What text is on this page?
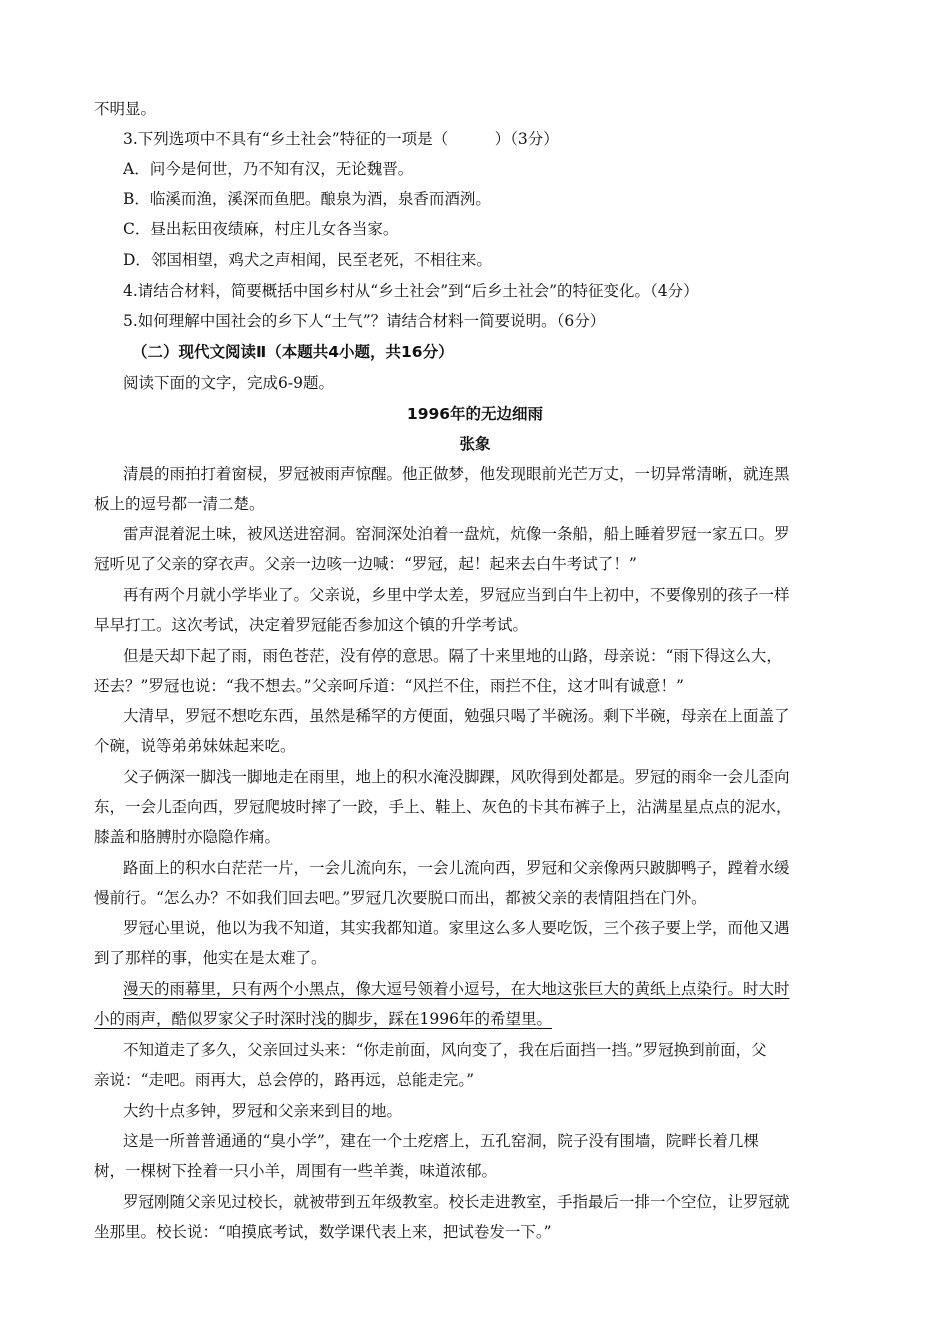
不明显。
3.下列选项中不具有“乡土社会”特征的一项是（　　　）（3分）
A．问今是何世，乃不知有汉，无论魏晋。
B．临溪而渔，溪深而鱼肥。酿泉为酒，泉香而酒洌。
C．昼出耘田夜绩麻，村庄儿女各当家。
D．邻国相望，鸡犬之声相闻，民至老死，不相往来。
4.请结合材料，简要概括中国乡村从“乡土社会”到“后乡土社会”的特征变化。（4分）
5.如何理解中国社会的乡下人“土气”？请结合材料一简要说明。（6分）
（二）现代文阅读Ⅱ（本题共4小题，共16分）
阅读下面的文字，完成6-9题。
1996年的无边细雨
张象
清晨的雨拍打着窗棂，罗冠被雨声惊醒。他正做梦，他发现眼前光芒万丈，一切异常清晰，就连黑
板上的逗号都一清二楚。
雷声混着泥土味，被风送进窑洞。窑洞深处泊着一盘炕，炕像一条船，船上睡着罗冠一家五口。罗
冠听见了父亲的穿衣声。父亲一边咳一边喊：“罗冠，起！起来去白牛考试了！”
再有两个月就小学毕业了。父亲说，乡里中学太差，罗冠应当到白牛上初中，不要像别的孩子一样
早早打工。这次考试，决定着罗冠能否参加这个镇的升学考试。
但是天却下起了雨，雨色苍茫，没有停的意思。隔了十来里地的山路，母亲说：“雨下得这么大，
还去？”罗冠也说：“我不想去。”父亲呵斥道：“风拦不住，雨拦不住，这才叫有诚意！”
大清早，罗冠不想吃东西，虽然是稀罕的方便面，勉强只喝了半碗汤。剩下半碗，母亲在上面盖了
个碗，说等弟弟妹妹起来吃。
父子俩深一脚浅一脚地走在雨里，地上的积水淹没脚踝，风吹得到处都是。罗冠的雨伞一会儿歪向
东，一会儿歪向西，罗冠爬坡时摔了一跤，手上、鞋上、灰色的卡其布裤子上，沾满星星点点的泥水，
膝盖和胳膊肘亦隐隐作痛。
路面上的积水白茫茫一片，一会儿流向东，一会儿流向西，罗冠和父亲像两只跛脚鸭子，蹚着水缓
慢前行。“怎么办？不如我们回去吧。”罗冠几次要脱口而出，都被父亲的表情阻挡在门外。
罗冠心里说，他以为我不知道，其实我都知道。家里这么多人要吃饭，三个孩子要上学，而他又遇
到了那样的事，他实在是太难了。
漫天的雨幕里，只有两个小黑点，像大逗号领着小逗号，在大地这张巨大的黄纸上点染行。时大时
小的雨声，酷似罗家父子时深时浅的脚步，踩在1996年的希望里。
不知道走了多久，父亲回过头来：“你走前面，风向变了，我在后面挡一挡。”罗冠换到前面，父
亲说：“走吧。雨再大，总会停的，路再远，总能走完。”
大约十点多钟，罗冠和父亲来到目的地。
这是一所普普通通的“臭小学”，建在一个土疙瘩上，五孔窑洞，院子没有围墙，院畔长着几棵
树，一棵树下拴着一只小羊，周围有一些羊粪，味道浓郁。
罗冠刚随父亲见过校长，就被带到五年级教室。校长走进教室，手指最后一排一个空位，让罗冠就
坐那里。校长说：“咱摸底考试，数学课代表上来，把试卷发一下。”
